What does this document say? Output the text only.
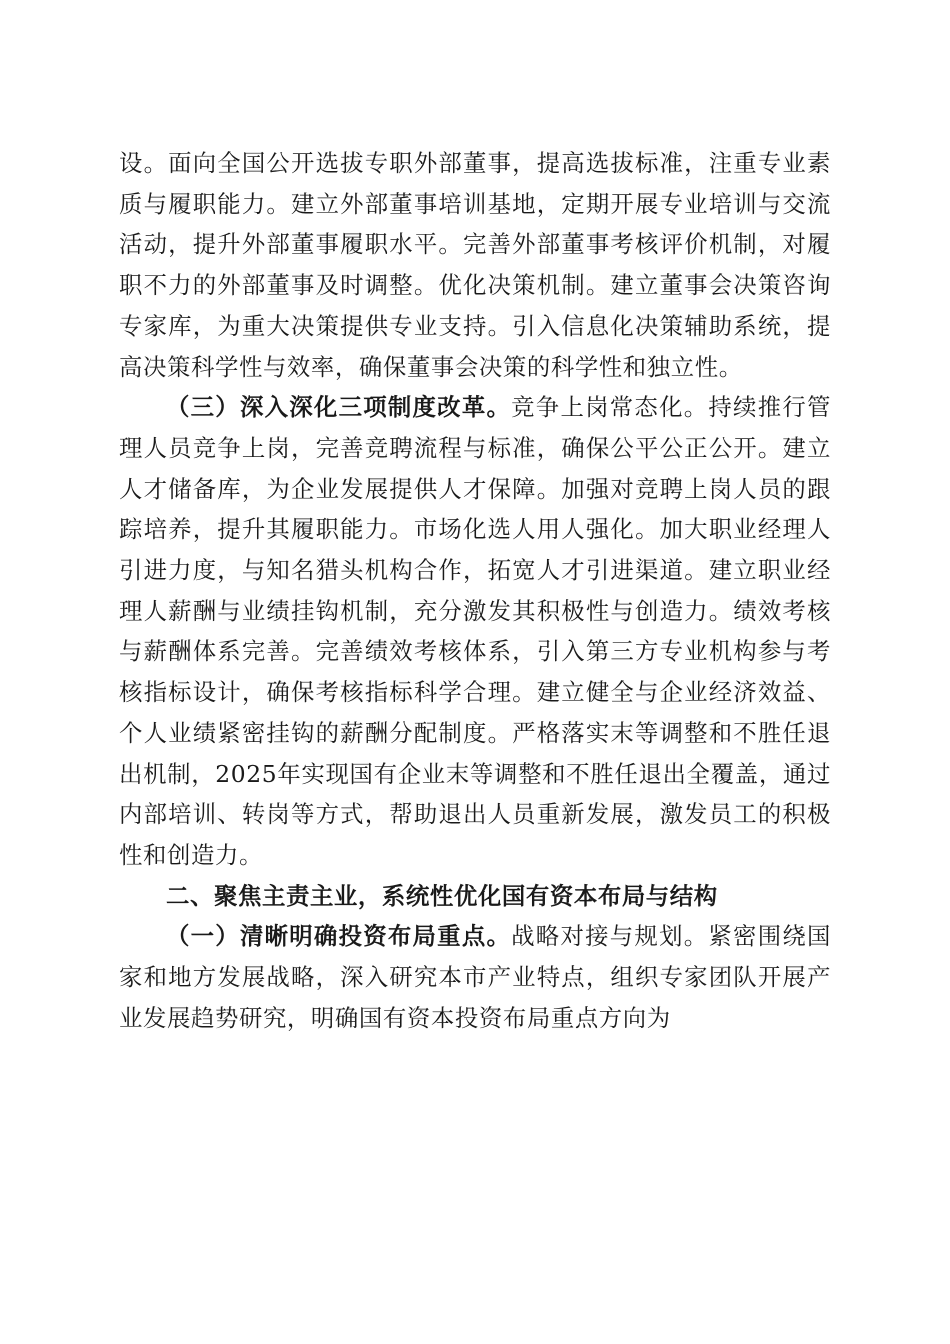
设。面向全国公开选拔专职外部董事，提高选拔标准，注重专业素质与履职能力。建立外部董事培训基地，定期开展专业培训与交流活动，提升外部董事履职水平。完善外部董事考核评价机制，对履职不力的外部董事及时调整。优化决策机制。建立董事会决策咨询专家库，为重大决策提供专业支持。引入信息化决策辅助系统，提高决策科学性与效率，确保董事会决策的科学性和独立性。

（三）深入深化三项制度改革。竞争上岗常态化。持续推行管理人员竞争上岗，完善竞聘流程与标准，确保公平公正公开。建立人才储备库，为企业发展提供人才保障。加强对竞聘上岗人员的跟踪培养，提升其履职能力。市场化选人用人强化。加大职业经理人引进力度，与知名猎头机构合作，拓宽人才引进渠道。建立职业经理人薪酬与业绩挂钩机制，充分激发其积极性与创造力。绩效考核与薪酬体系完善。完善绩效考核体系，引入第三方专业机构参与考核指标设计，确保考核指标科学合理。建立健全与企业经济效益、个人业绩紧密挂钩的薪酬分配制度。严格落实末等调整和不胜任退出机制，2025年实现国有企业末等调整和不胜任退出全覆盖，通过内部培训、转岗等方式，帮助退出人员重新发展，激发员工的积极性和创造力。

二、聚焦主责主业，系统性优化国有资本布局与结构

（一）清晰明确投资布局重点。战略对接与规划。紧密围绕国家和地方发展战略，深入研究本市产业特点，组织专家团队开展产业发展趋势研究，明确国有资本投资布局重点方向为
